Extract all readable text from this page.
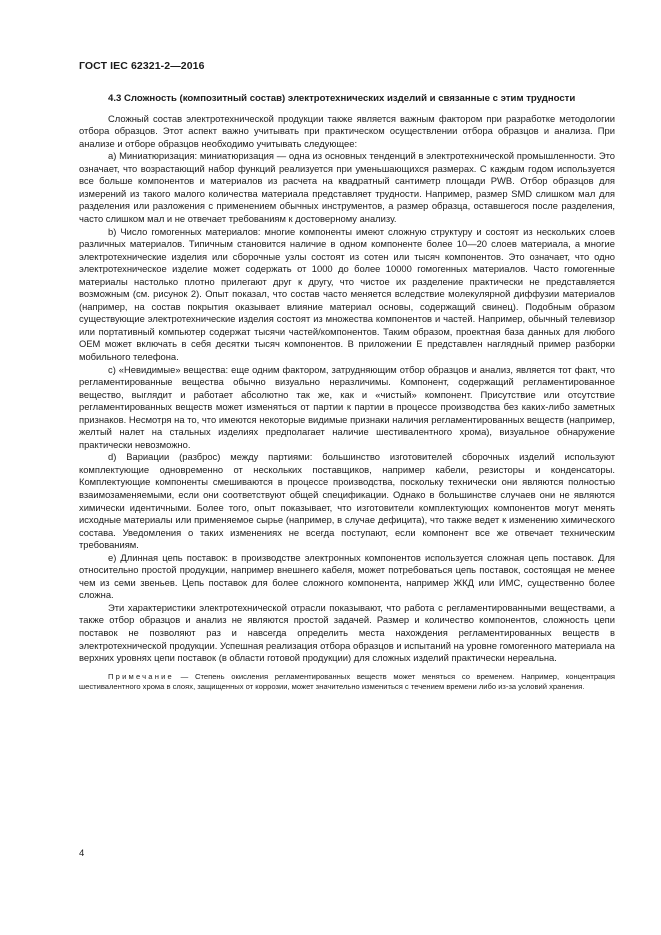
ГОСТ IEC 62321-2—2016
4.3 Сложность (композитный состав) электротехнических изделий и связанные с этим трудности

Сложный состав электротехнической продукции также является важным фактором при разработке методологии отбора образцов. Этот аспект важно учитывать при практическом осуществлении отбора образцов и анализа. При анализе и отборе образцов необходимо учитывать следующее:

a) Миниатюризация: миниатюризация — одна из основных тенденций в электротехнической промышленности. Это означает, что возрастающий набор функций реализуется при уменьшающихся размерах. С каждым годом используется все больше компонентов и материалов из расчета на квадратный сантиметр площади PWB. Отбор образцов для измерений из такого малого количества материала представляет трудности. Например, размер SMD слишком мал для разделения или разложения с применением обычных инструментов, а размер образца, оставшегося после разделения, часто слишком мал и не отвечает требованиям к достоверному анализу.

b) Число гомогенных материалов: многие компоненты имеют сложную структуру и состоят из нескольких слоев различных материалов. Типичным становится наличие в одном компоненте более 10—20 слоев материала, а многие электротехнические изделия или сборочные узлы состоят из сотен или тысяч компонентов. Это означает, что одно электротехническое изделие может содержать от 1000 до более 10000 гомогенных материалов. Часто гомогенные материалы настолько плотно прилегают друг к другу, что чистое их разделение практически не представляется возможным (см. рисунок 2). Опыт показал, что состав часто меняется вследствие молекулярной диффузии материалов (например, на состав покрытия оказывает влияние материал основы, содержащий свинец). Подобным образом существующие электротехнические изделия состоят из множества компонентов и частей. Например, обычный телевизор или портативный компьютер содержат тысячи частей/компонентов. Таким образом, проектная база данных для любого OEM может включать в себя десятки тысяч компонентов. В приложении Е представлен наглядный пример разборки мобильного телефона.

c) «Невидимые» вещества: еще одним фактором, затрудняющим отбор образцов и анализ, является тот факт, что регламентированные вещества обычно визуально неразличимы. Компонент, содержащий регламентированное вещество, выглядит и работает абсолютно так же, как и «чистый» компонент. Присутствие или отсутствие регламентированных веществ может изменяться от партии к партии в процессе производства без каких-либо заметных признаков. Несмотря на то, что имеются некоторые видимые признаки наличия регламентированных веществ (например, желтый налет на стальных изделиях предполагает наличие шестивалентного хрома), визуальное обнаружение практически невозможно.

d) Вариации (разброс) между партиями: большинство изготовителей сборочных изделий используют комплектующие одновременно от нескольких поставщиков, например кабели, резисторы и конденсаторы. Комплектующие компоненты смешиваются в процессе производства, поскольку технически они являются полностью взаимозаменяемыми, если они соответствуют общей спецификации. Однако в большинстве случаев они не являются химически идентичными. Более того, опыт показывает, что изготовители комплектующих компонентов могут менять исходные материалы или применяемое сырье (например, в случае дефицита), что также ведет к изменению химического состава. Уведомления о таких изменениях не всегда поступают, если компонент все же отвечает техническим требованиям.

e) Длинная цепь поставок: в производстве электронных компонентов используется сложная цепь поставок. Для относительно простой продукции, например внешнего кабеля, может потребоваться цепь поставок, состоящая не менее чем из семи звеньев. Цепь поставок для более сложного компонента, например ЖКД или ИМС, существенно более сложна.

Эти характеристики электротехнической отрасли показывают, что работа с регламентированными веществами, а также отбор образцов и анализ не являются простой задачей. Размер и количество компонентов, сложность цепи поставок не позволяют раз и навсегда определить места нахождения регламентированных веществ в электротехнической продукции. Успешная реализация отбора образцов и испытаний на уровне гомогенного материала на верхних уровнях цепи поставок (в области готовой продукции) для сложных изделий практически нереальна.

Примечание — Степень окисления регламентированных веществ может меняться со временем. Например, концентрация шестивалентного хрома в слоях, защищенных от коррозии, может значительно измениться с течением времени либо из-за условий хранения.

4
